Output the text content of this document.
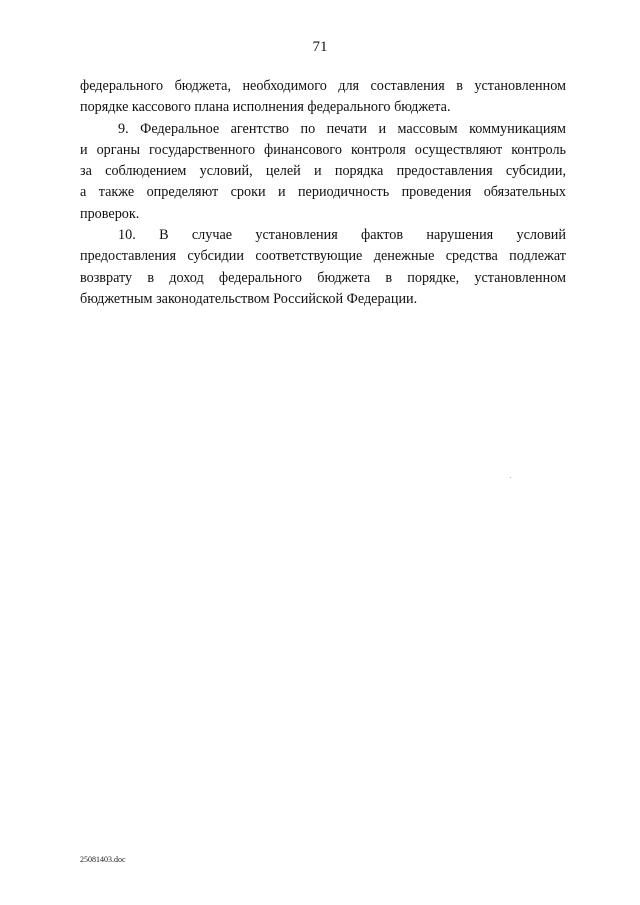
71
федерального бюджета, необходимого для составления в установленном
порядке кассового плана исполнения федерального бюджета.
9. Федеральное агентство по печати и массовым коммуникациям
и органы государственного финансового контроля осуществляют контроль
за соблюдением условий, целей и порядка предоставления субсидии,
а также определяют сроки и периодичность проведения обязательных
проверок.
10. В случае установления фактов нарушения условий
предоставления субсидии соответствующие денежные средства подлежат
возврату в доход федерального бюджета в порядке, установленном
бюджетным законодательством Российской Федерации.
25081403.doc
